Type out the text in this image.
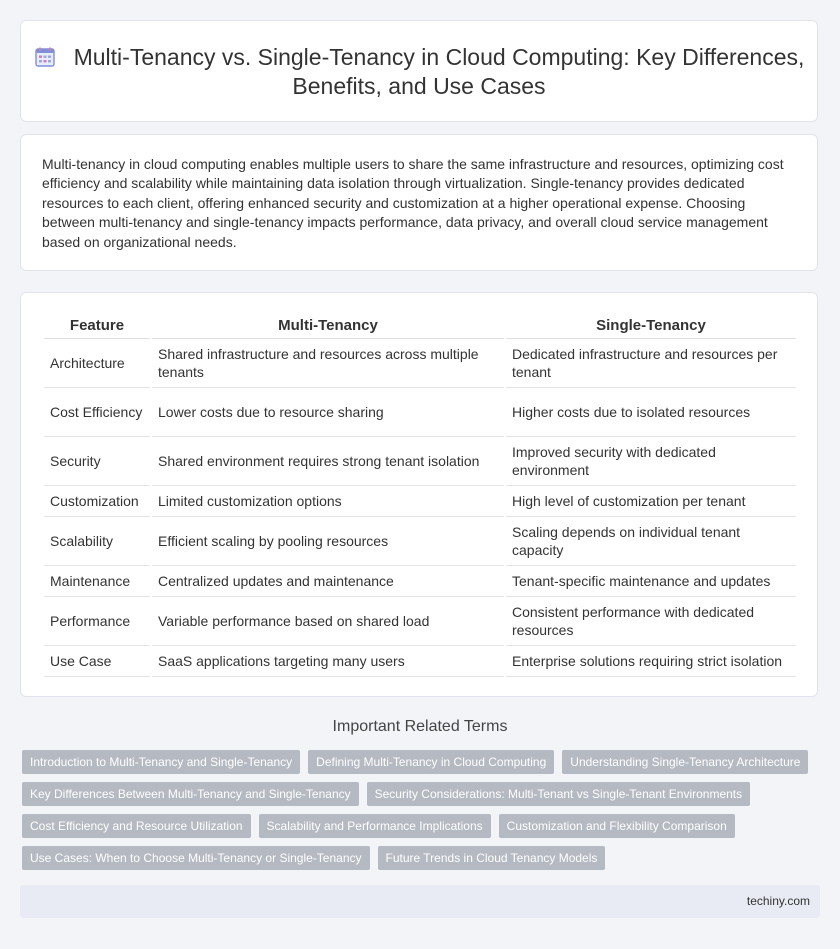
Multi-Tenancy vs. Single-Tenancy in Cloud Computing: Key Differences, Benefits, and Use Cases
Multi-tenancy in cloud computing enables multiple users to share the same infrastructure and resources, optimizing cost efficiency and scalability while maintaining data isolation through virtualization. Single-tenancy provides dedicated resources to each client, offering enhanced security and customization at a higher operational expense. Choosing between multi-tenancy and single-tenancy impacts performance, data privacy, and overall cloud service management based on organizational needs.
Feature	Multi-Tenancy	Single-Tenancy
Architecture	Shared infrastructure and resources across multiple tenants	Dedicated infrastructure and resources per tenant
Cost Efficiency	Lower costs due to resource sharing	Higher costs due to isolated resources
Security	Shared environment requires strong tenant isolation	Improved security with dedicated environment
Customization	Limited customization options	High level of customization per tenant
Scalability	Efficient scaling by pooling resources	Scaling depends on individual tenant capacity
Maintenance	Centralized updates and maintenance	Tenant-specific maintenance and updates
Performance	Variable performance based on shared load	Consistent performance with dedicated resources
Use Case	SaaS applications targeting many users	Enterprise solutions requiring strict isolation
Important Related Terms
Introduction to Multi-Tenancy and Single-Tenancy	Defining Multi-Tenancy in Cloud Computing	Understanding Single-Tenancy Architecture
Key Differences Between Multi-Tenancy and Single-Tenancy	Security Considerations: Multi-Tenant vs Single-Tenant Environments
Cost Efficiency and Resource Utilization	Scalability and Performance Implications	Customization and Flexibility Comparison
Use Cases: When to Choose Multi-Tenancy or Single-Tenancy	Future Trends in Cloud Tenancy Models
techiny.com
